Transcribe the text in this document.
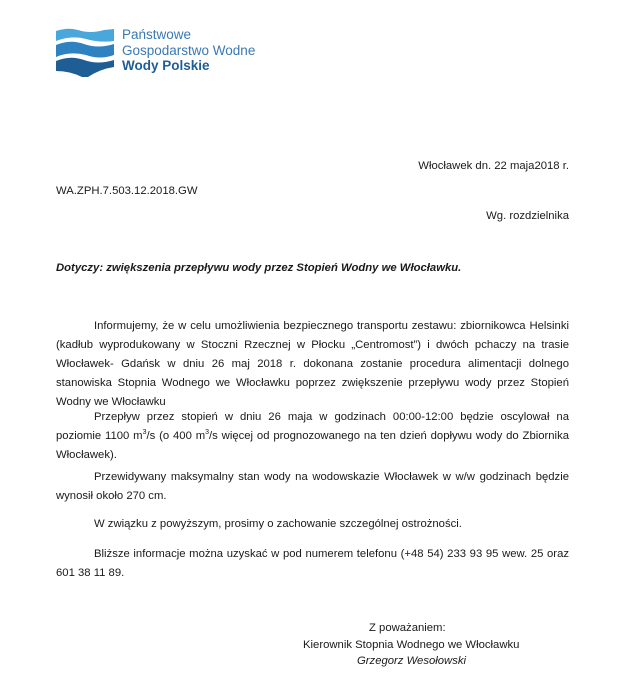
Państwowe
Gospodarstwo Wodne
Wody Polskie
Włocławek dn. 22 maja2018 r.
WA.ZPH.7.503.12.2018.GW
Wg. rozdzielnika
Dotyczy: zwiększenia przepływu wody przez Stopień Wodny we Włocławku.
Informujemy, że w celu umożliwienia bezpiecznego transportu zestawu: zbiornikowca Helsinki (kadłub wyprodukowany w Stoczni Rzecznej w Płocku „Centromost”) i dwóch pchaczy na trasie Włocławek- Gdańsk w dniu 26 maj 2018 r. dokonana zostanie procedura alimentacji dolnego stanowiska Stopnia Wodnego we Włocławku poprzez zwiększenie przepływu wody przez Stopień Wodny we Włocławku
Przepływ przez stopień w dniu 26 maja w godzinach 00:00-12:00 będzie oscylował na poziomie 1100 $m^3/s$ (o 400 $m^3/s$ więcej od prognozowanego na ten dzień dopływu wody do Zbiornika Włocławek).
Przewidywany maksymalny stan wody na wodowskazie Włocławek w w/w godzinach będzie wynosił około 270 cm.
W związku z powyższym, prosimy o zachowanie szczególnej ostrożności.
Bliższe informacje można uzyskać w pod numerem telefonu (+48 54) 233 93 95 wew. 25 oraz 601 38 11 89.
Z poważaniem:
Kierownik Stopnia Wodnego we Włocławku
Grzegorz Wesołowski
